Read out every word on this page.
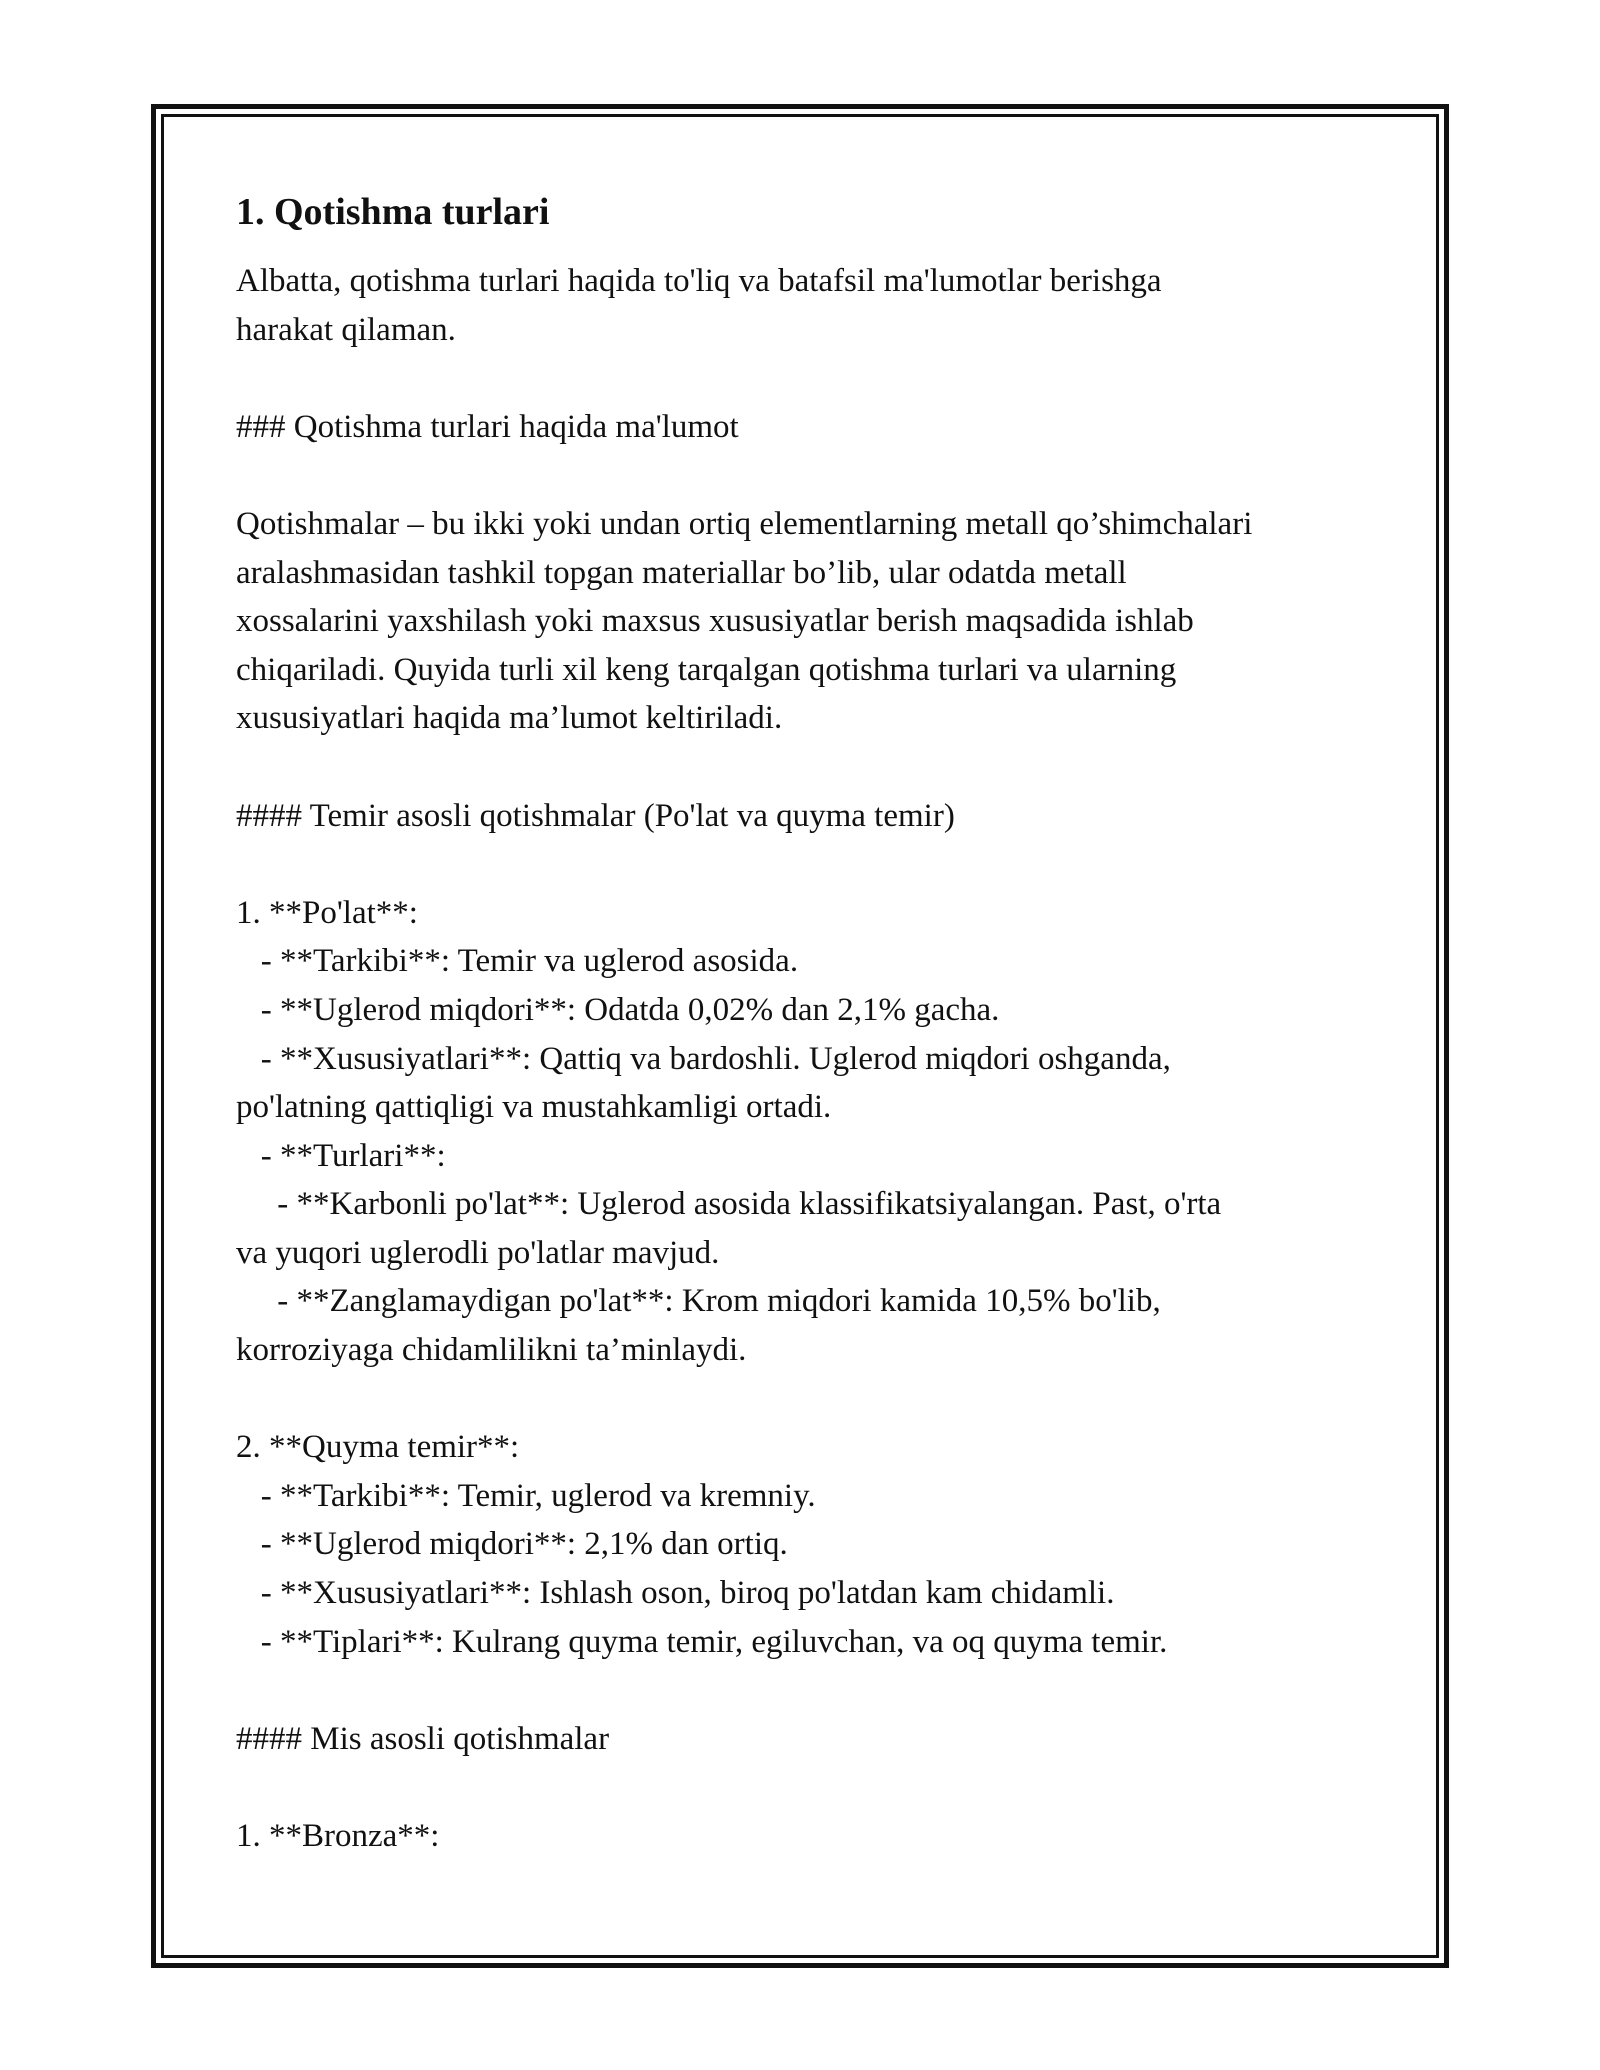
1. Qotishma turlari
Albatta, qotishma turlari haqida to'liq va batafsil ma'lumotlar berishga
harakat qilaman.
### Qotishma turlari haqida ma'lumot
Qotishmalar – bu ikki yoki undan ortiq elementlarning metall qo’shimchalari
aralashmasidan tashkil topgan materiallar bo’lib, ular odatda metall
xossalarini yaxshilash yoki maxsus xususiyatlar berish maqsadida ishlab
chiqariladi. Quyida turli xil keng tarqalgan qotishma turlari va ularning
xususiyatlari haqida ma’lumot keltiriladi.
#### Temir asosli qotishmalar (Po'lat va quyma temir)
1. **Po'lat**:
- **Tarkibi**: Temir va uglerod asosida.
- **Uglerod miqdori**: Odatda 0,02% dan 2,1% gacha.
- **Xususiyatlari**: Qattiq va bardoshli. Uglerod miqdori oshganda,
po'latning qattiqligi va mustahkamligi ortadi.
- **Turlari**:
- **Karbonli po'lat**: Uglerod asosida klassifikatsiyalangan. Past, o'rta
va yuqori uglerodli po'latlar mavjud.
- **Zanglamaydigan po'lat**: Krom miqdori kamida 10,5% bo'lib,
korroziyaga chidamlilikni ta’minlaydi.
2. **Quyma temir**:
- **Tarkibi**: Temir, uglerod va kremniy.
- **Uglerod miqdori**: 2,1% dan ortiq.
- **Xususiyatlari**: Ishlash oson, biroq po'latdan kam chidamli.
- **Tiplari**: Kulrang quyma temir, egiluvchan, va oq quyma temir.
#### Mis asosli qotishmalar
1. **Bronza**:
